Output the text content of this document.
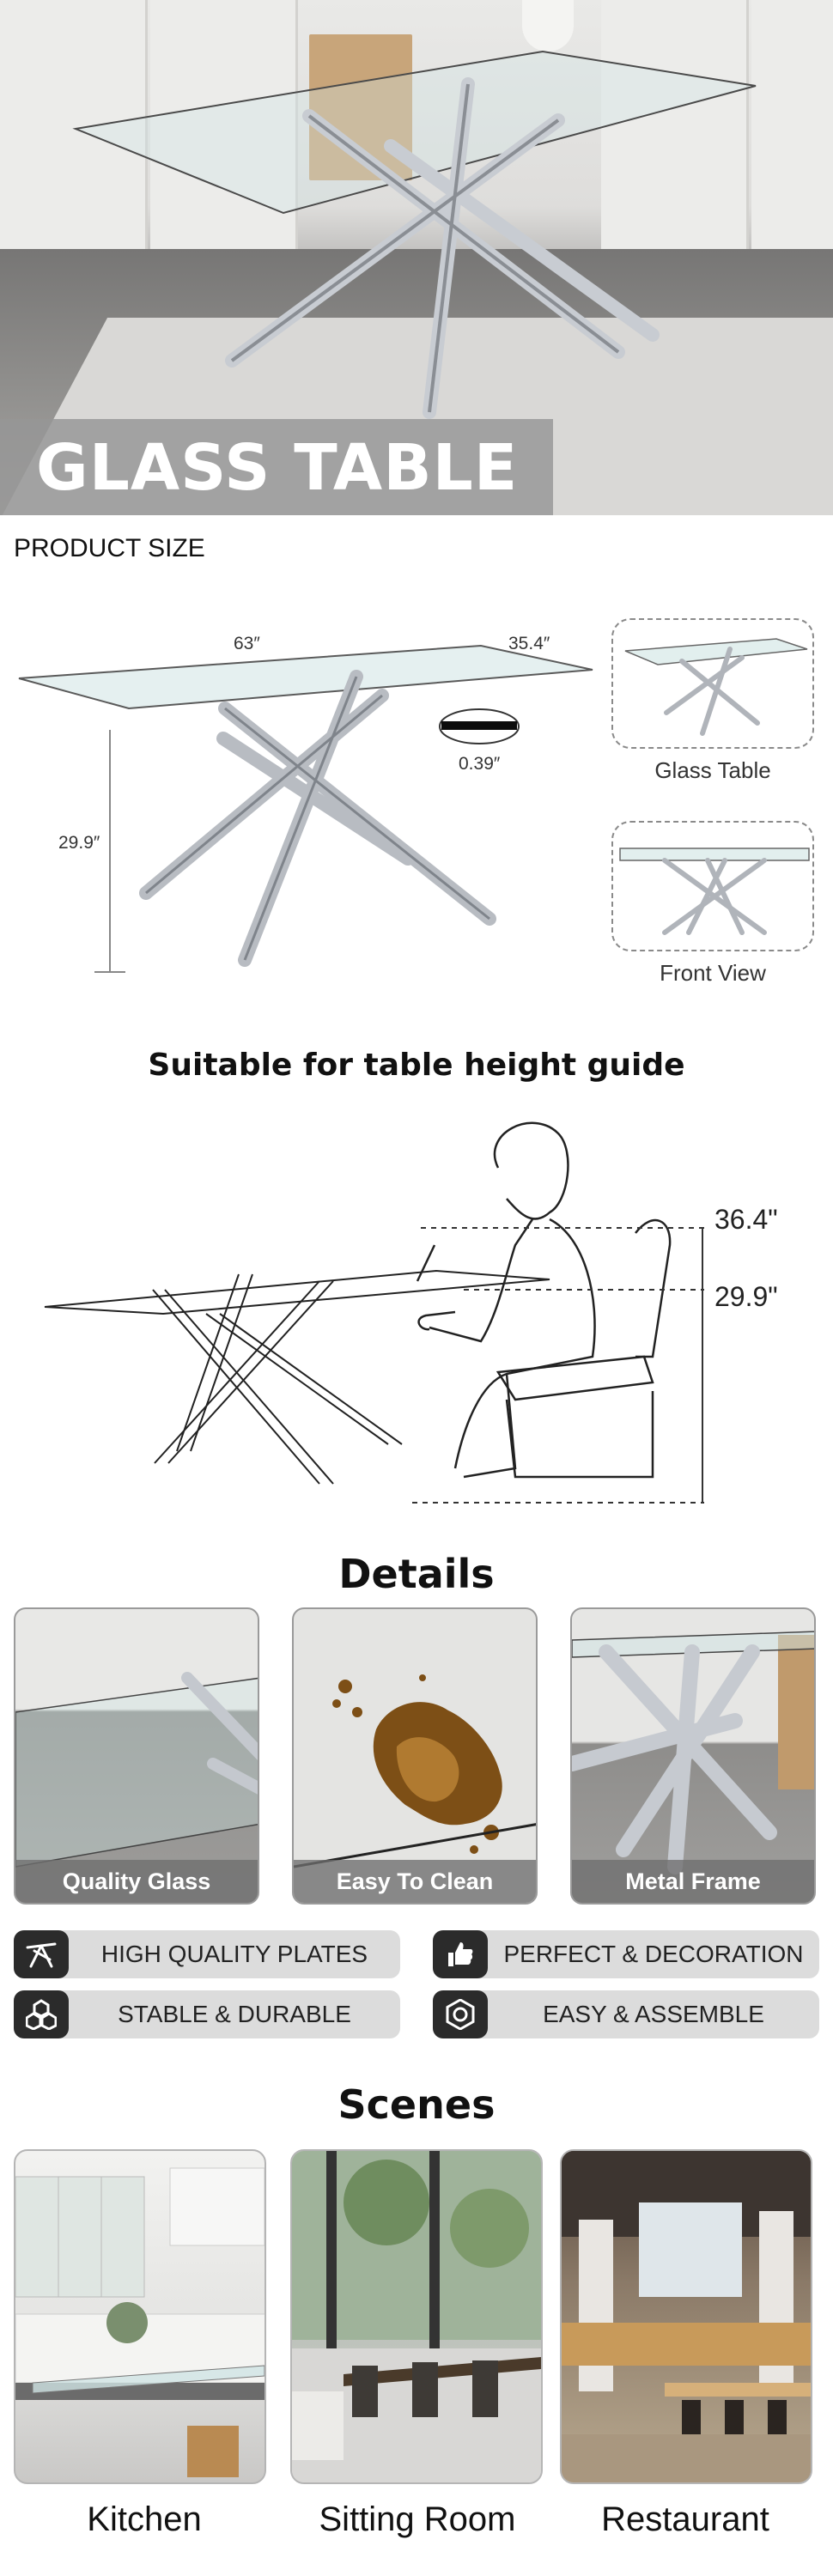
GLASS TABLE
PRODUCT SIZE
63″	35.4″
0.39″
29.9″
Glass Table
Front View
Suitable for table height guide
36.4"
29.9"
Details
Quality Glass	Easy To Clean	Metal Frame
HIGH QUALITY PLATES	PERFECT & DECORATION
STABLE & DURABLE	EASY & ASSEMBLE
Scenes
Kitchen	Sitting Room	Restaurant
